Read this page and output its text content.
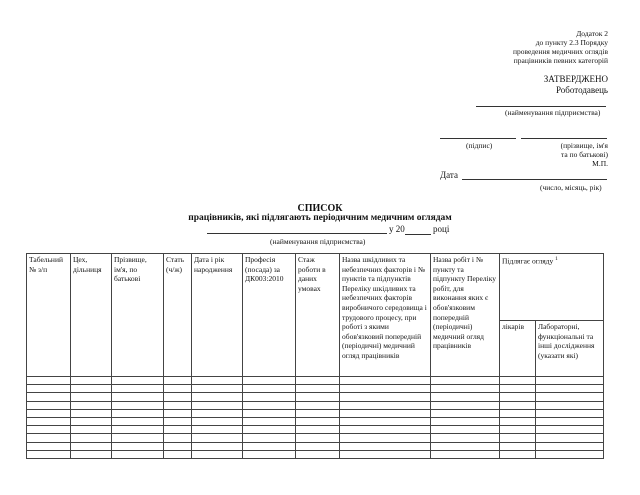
Додаток 2
до пункту 2.3 Порядку
проведення медичних оглядів
працівників певних категорій
ЗАТВЕРДЖЕНО
Роботодавець
(найменування підприємства)
(підпис)	(прізвище, ім'я
та по батькові)
М.П.
Дата
(число, місяць, рік)
СПИСОК
працівників, які підлягають періодичним медичним оглядам
у 20	році
(найменування підприємства)
Табельний № з/п	Цех, дільниця	Прізвище, ім'я, по батькові	Стать (ч/ж)	Дата і рік народження	Професія (посада) за ДК003:2010	Стаж роботи в даних умовах	Назва шкідливих та небезпечних факторів і № пунктів та підпунктів Переліку шкідливих та небезпечних факторів виробничого середовища і трудового процесу, при роботі з якими обов'язковий попередній (періодичні) медичний огляд працівників	Назва робіт і № пункту та підпункту Переліку робіт, для виконання яких є обов'язковим попередній (періодичні) медичний огляд працівників	Підлягає огляду $^1$
									лікарів	Лабораторні, функціональні та інші дослідження (указати які)
